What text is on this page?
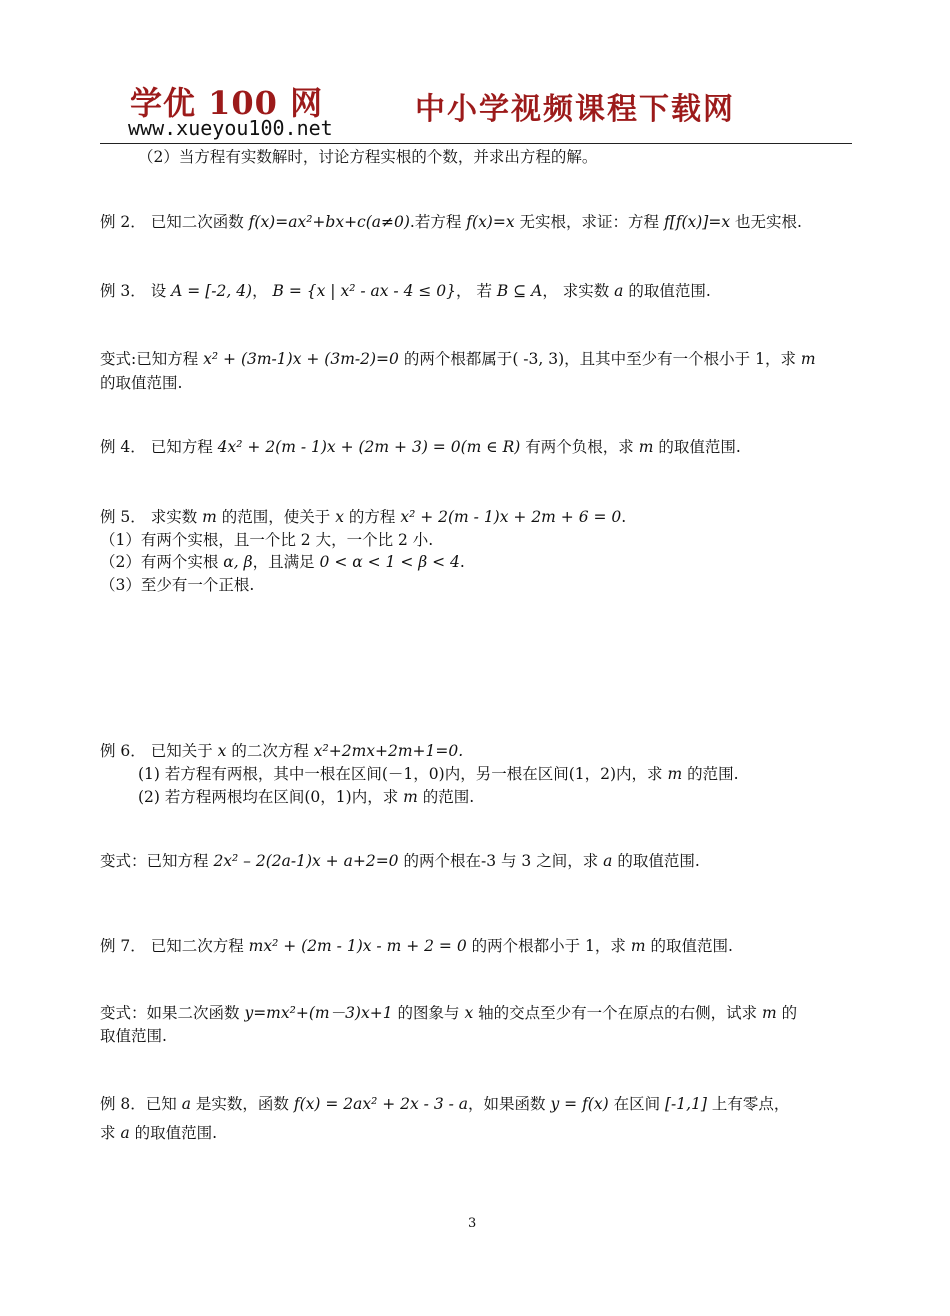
学优 100 网
www.xueyou100.net
中小学视频课程下载网
（2）当方程有实数解时，讨论方程实根的个数，并求出方程的解。
例 2． 已知二次函数 f(x)=ax²+bx+c(a≠0).若方程 f(x)=x 无实根，求证：方程 f[f(x)]=x 也无实根.
例 3． 设 A = [-2, 4)， B = {x | x² - ax - 4 ≤ 0}， 若 B ⊆ A， 求实数 a 的取值范围.
变式:已知方程 x² + (3m-1)x + (3m-2)=0 的两个根都属于( -3, 3)，且其中至少有一个根小于 1，求 m
的取值范围.
例 4． 已知方程 4x² + 2(m - 1)x + (2m + 3) = 0(m ∈ R) 有两个负根，求 m 的取值范围.
例 5． 求实数 m 的范围，使关于 x 的方程 x² + 2(m - 1)x + 2m + 6 = 0.
（1）有两个实根，且一个比 2 大，一个比 2 小.
（2）有两个实根 α, β，且满足 0 < α < 1 < β < 4.
（3）至少有一个正根.
例 6． 已知关于 x 的二次方程 x²+2mx+2m+1=0.
(1) 若方程有两根，其中一根在区间(－1，0)内，另一根在区间(1，2)内，求 m 的范围.
(2) 若方程两根均在区间(0，1)内，求 m 的范围.
变式：已知方程 2x² – 2(2a-1)x + a+2=0 的两个根在-3 与 3 之间，求 a 的取值范围.
例 7． 已知二次方程 mx² + (2m - 1)x - m + 2 = 0 的两个根都小于 1，求 m 的取值范围.
变式：如果二次函数 y=mx²+(m－3)x+1 的图象与 x 轴的交点至少有一个在原点的右侧，试求 m 的
取值范围.
例 8．已知 a 是实数，函数 f(x) = 2ax² + 2x - 3 - a，如果函数 y = f(x) 在区间 [-1,1] 上有零点，
求 a 的取值范围.
3
